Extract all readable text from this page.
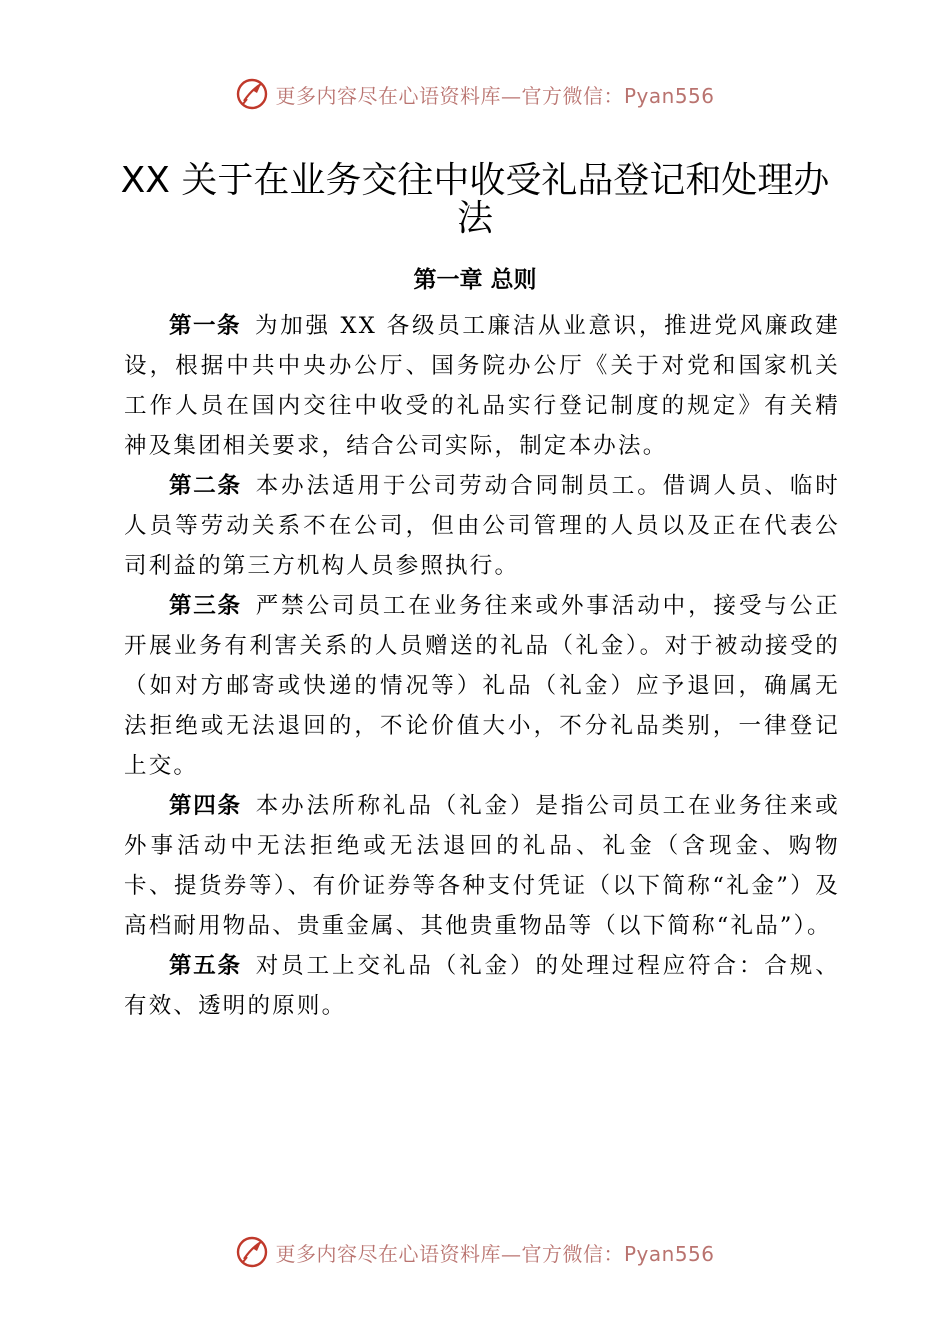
更多内容尽在心语资料库—官方微信：Pyan556
XX 关于在业务交往中收受礼品登记和处理办法
第一章 总则

第一条 为加强 XX 各级员工廉洁从业意识，推进党风廉政建设，根据中共中央办公厅、国务院办公厅《关于对党和国家机关工作人员在国内交往中收受的礼品实行登记制度的规定》有关精神及集团相关要求，结合公司实际，制定本办法。

第二条 本办法适用于公司劳动合同制员工。借调人员、临时人员等劳动关系不在公司，但由公司管理的人员以及正在代表公司利益的第三方机构人员参照执行。

第三条 严禁公司员工在业务往来或外事活动中，接受与公正开展业务有利害关系的人员赠送的礼品（礼金）。对于被动接受的（如对方邮寄或快递的情况等）礼品（礼金）应予退回，确属无法拒绝或无法退回的，不论价值大小，不分礼品类别，一律登记上交。

第四条 本办法所称礼品（礼金）是指公司员工在业务往来或外事活动中无法拒绝或无法退回的礼品、礼金（含现金、购物卡、提货券等）、有价证券等各种支付凭证（以下简称“礼金”）及高档耐用物品、贵重金属、其他贵重物品等（以下简称“礼品”）。

第五条 对员工上交礼品（礼金）的处理过程应符合：合规、有效、透明的原则。

更多内容尽在心语资料库—官方微信：Pyan556
